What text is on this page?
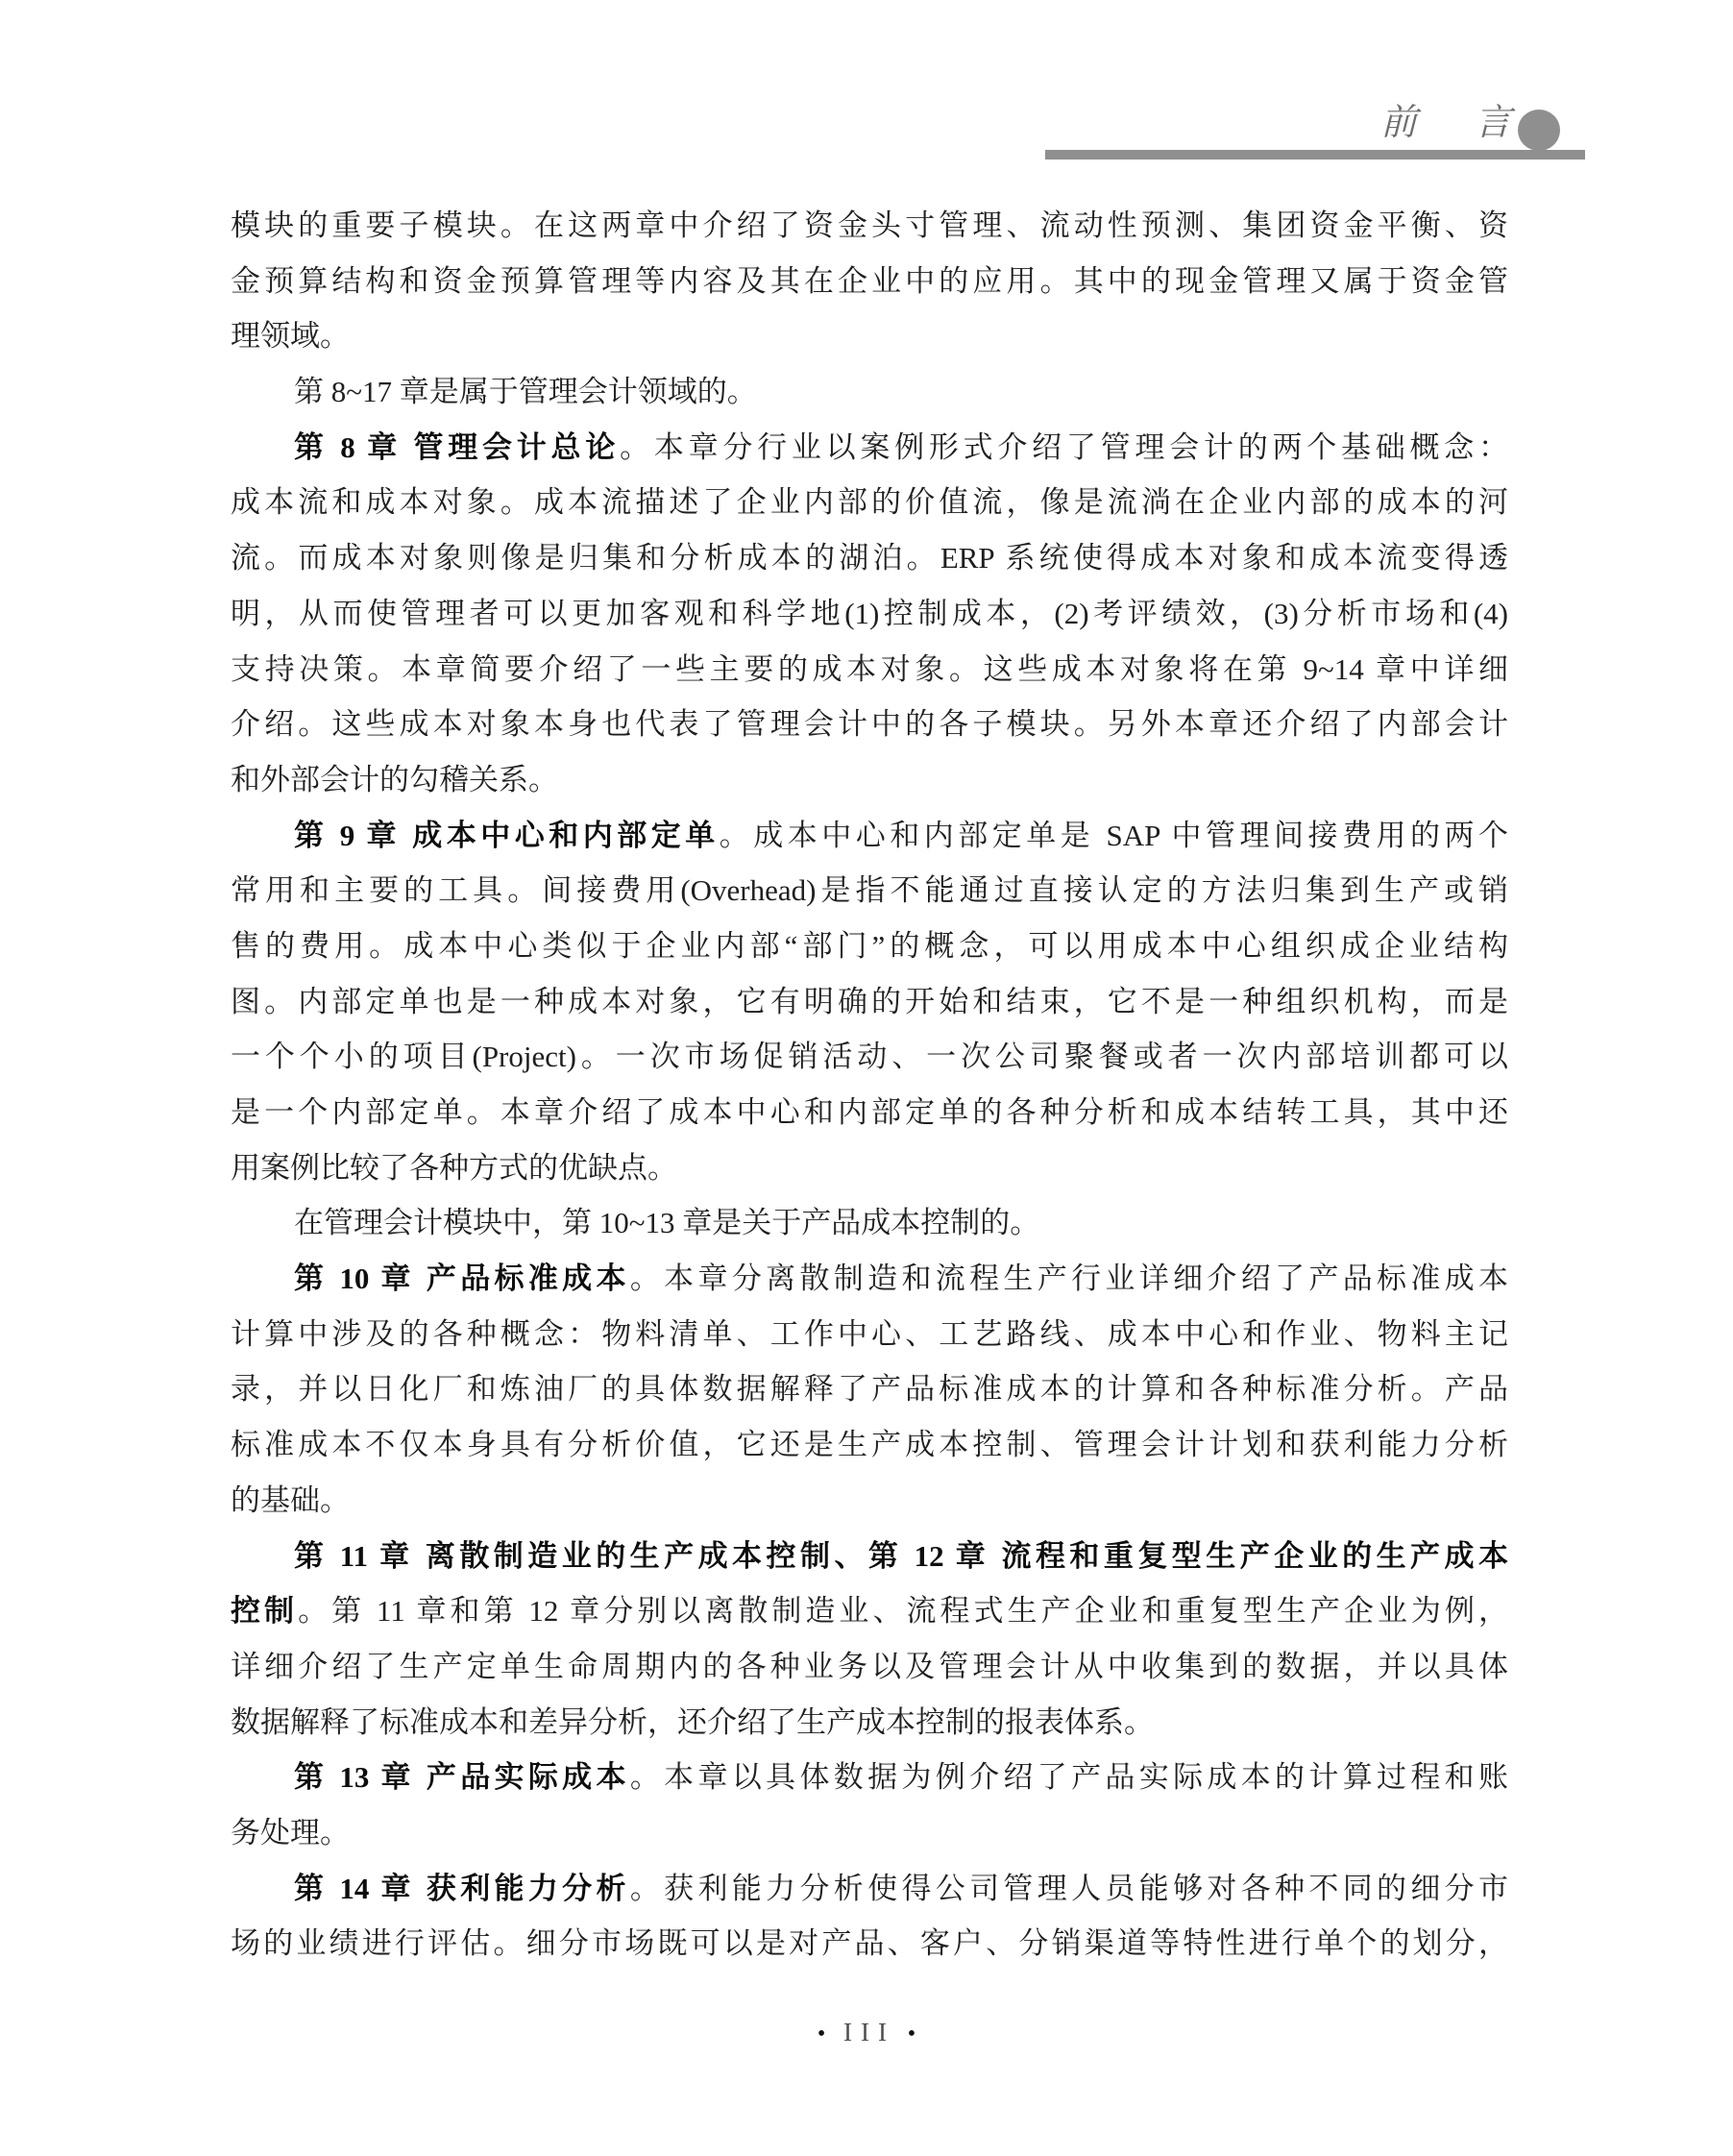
前 言
模块的重要子模块。在这两章中介绍了资金头寸管理、流动性预测、集团资金平衡、资
金预算结构和资金预算管理等内容及其在企业中的应用。其中的现金管理又属于资金管
理领域。
第 8~17 章是属于管理会计领域的。
第 8 章 管理会计总论。本章分行业以案例形式介绍了管理会计的两个基础概念：
成本流和成本对象。成本流描述了企业内部的价值流，像是流淌在企业内部的成本的河
流。而成本对象则像是归集和分析成本的湖泊。ERP 系统使得成本对象和成本流变得透
明，从而使管理者可以更加客观和科学地(1)控制成本，(2)考评绩效，(3)分析市场和(4)
支持决策。本章简要介绍了一些主要的成本对象。这些成本对象将在第 9~14 章中详细
介绍。这些成本对象本身也代表了管理会计中的各子模块。另外本章还介绍了内部会计
和外部会计的勾稽关系。
第 9 章 成本中心和内部定单。成本中心和内部定单是 SAP 中管理间接费用的两个
常用和主要的工具。间接费用(Overhead)是指不能通过直接认定的方法归集到生产或销
售的费用。成本中心类似于企业内部“部门”的概念，可以用成本中心组织成企业结构
图。内部定单也是一种成本对象，它有明确的开始和结束，它不是一种组织机构，而是
一个个小的项目(Project)。一次市场促销活动、一次公司聚餐或者一次内部培训都可以
是一个内部定单。本章介绍了成本中心和内部定单的各种分析和成本结转工具，其中还
用案例比较了各种方式的优缺点。
在管理会计模块中，第 10~13 章是关于产品成本控制的。
第 10 章 产品标准成本。本章分离散制造和流程生产行业详细介绍了产品标准成本
计算中涉及的各种概念：物料清单、工作中心、工艺路线、成本中心和作业、物料主记
录，并以日化厂和炼油厂的具体数据解释了产品标准成本的计算和各种标准分析。产品
标准成本不仅本身具有分析价值，它还是生产成本控制、管理会计计划和获利能力分析
的基础。
第 11 章 离散制造业的生产成本控制、第 12 章 流程和重复型生产企业的生产成本
控制。第 11 章和第 12 章分别以离散制造业、流程式生产企业和重复型生产企业为例，
详细介绍了生产定单生命周期内的各种业务以及管理会计从中收集到的数据，并以具体
数据解释了标准成本和差异分析，还介绍了生产成本控制的报表体系。
第 13 章 产品实际成本。本章以具体数据为例介绍了产品实际成本的计算过程和账
务处理。
第 14 章 获利能力分析。获利能力分析使得公司管理人员能够对各种不同的细分市
场的业绩进行评估。细分市场既可以是对产品、客户、分销渠道等特性进行单个的划分，
• III •
